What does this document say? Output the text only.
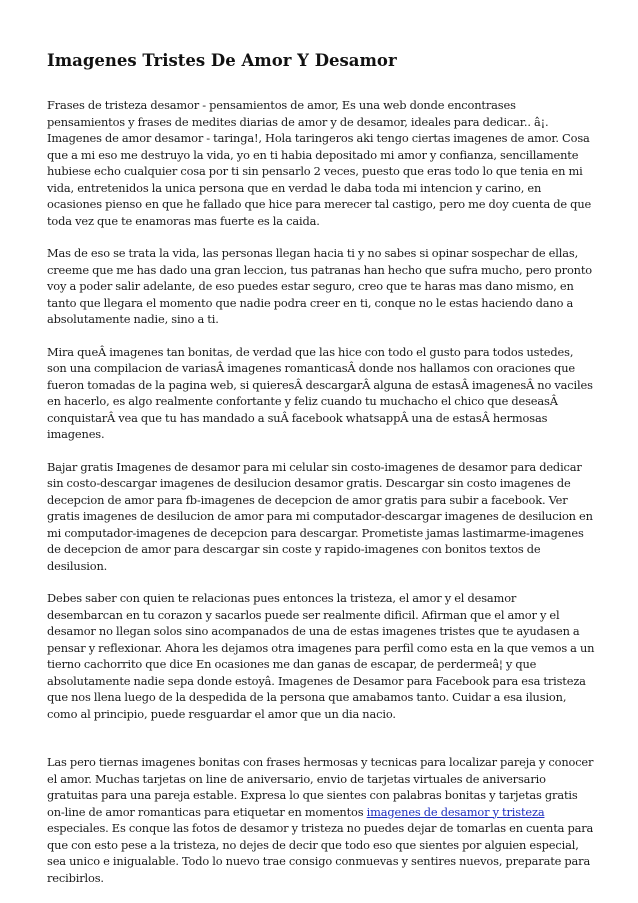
Imagenes Tristes De Amor Y Desamor

Frases de tristeza desamor - pensamientos de amor, Es una web donde encontrases pensamientos y frases de medites diarias de amor y de desamor, ideales para dedicar.. â¡. Imagenes de amor desamor - taringa!, Hola taringeros aki tengo ciertas imagenes de amor. Cosa que a mi eso me destruyo la vida, yo en ti habia depositado mi amor y confianza, sencillamente hubiese echo cualquier cosa por ti sin pensarlo 2 veces, puesto que eras todo lo que tenia en mi vida, entretenidos la unica persona que en verdad le daba toda mi intencion y carino, en ocasiones pienso en que he fallado que hice para merecer tal castigo, pero me doy cuenta de que toda vez que te enamoras mas fuerte es la caida.

Mas de eso se trata la vida, las personas llegan hacia ti y no sabes si opinar sospechar de ellas, creeme que me has dado una gran leccion, tus patranas han hecho que sufra mucho, pero pronto voy a poder salir adelante, de eso puedes estar seguro, creo que te haras mas dano mismo, en tanto que llegara el momento que nadie podra creer en ti, conque no le estas haciendo dano a absolutamente nadie, sino a ti.

Mira queÂ imagenes tan bonitas, de verdad que las hice con todo el gusto para todos ustedes, son una compilacion de variasÂ imagenes romanticasÂ donde nos hallamos con oraciones que fueron tomadas de la pagina web, si quieresÂ descargarÂ alguna de estasÂ imagenesÂ no vaciles en hacerlo, es algo realmente confortante y feliz cuando tu muchacho el chico que deseasÂ conquistarÂ vea que tu has mandado a suÂ facebook whatsappÂ una de estasÂ hermosas imagenes.

Bajar gratis Imagenes de desamor para mi celular sin costo-imagenes de desamor para dedicar sin costo-descargar imagenes de desilucion desamor gratis. Descargar sin costo imagenes de decepcion de amor para fb-imagenes de decepcion de amor gratis para subir a facebook. Ver gratis imagenes de desilucion de amor para mi computador-descargar imagenes de desilucion en mi computador-imagenes de decepcion para descargar. Prometiste jamas lastimarme-imagenes de decepcion de amor para descargar sin coste y rapido-imagenes con bonitos textos de desilusion.

Debes saber con quien te relacionas pues entonces la tristeza, el amor y el desamor desembarcan en tu corazon y sacarlos puede ser realmente dificil. Afirman que el amor y el desamor no llegan solos sino acompanados de una de estas imagenes tristes que te ayudasen a pensar y reflexionar. Ahora les dejamos otra imagenes para perfil como esta en la que vemos a un tierno cachorrito que dice En ocasiones me dan ganas de escapar, de perdermeâ¦ y que absolutamente nadie sepa donde estoyâ. Imagenes de Desamor para Facebook para esa tristeza que nos llena luego de la despedida de la persona que amabamos tanto. Cuidar a esa ilusion, como al principio, puede resguardar el amor que un dia nacio.

Las pero tiernas imagenes bonitas con frases hermosas y tecnicas para localizar pareja y conocer el amor. Muchas tarjetas on line de aniversario, envio de tarjetas virtuales de aniversario gratuitas para una pareja estable. Expresa lo que sientes con palabras bonitas y tarjetas gratis on-line de amor romanticas para etiquetar en momentos imagenes de desamor y tristeza especiales. Es conque las fotos de desamor y tristeza no puedes dejar de tomarlas en cuenta para que con esto pese a la tristeza, no dejes de decir que todo eso que sientes por alguien especial, sea unico e inigualable. Todo lo nuevo trae consigo conmuevas y sentires nuevos, preparate para recibirlos.
